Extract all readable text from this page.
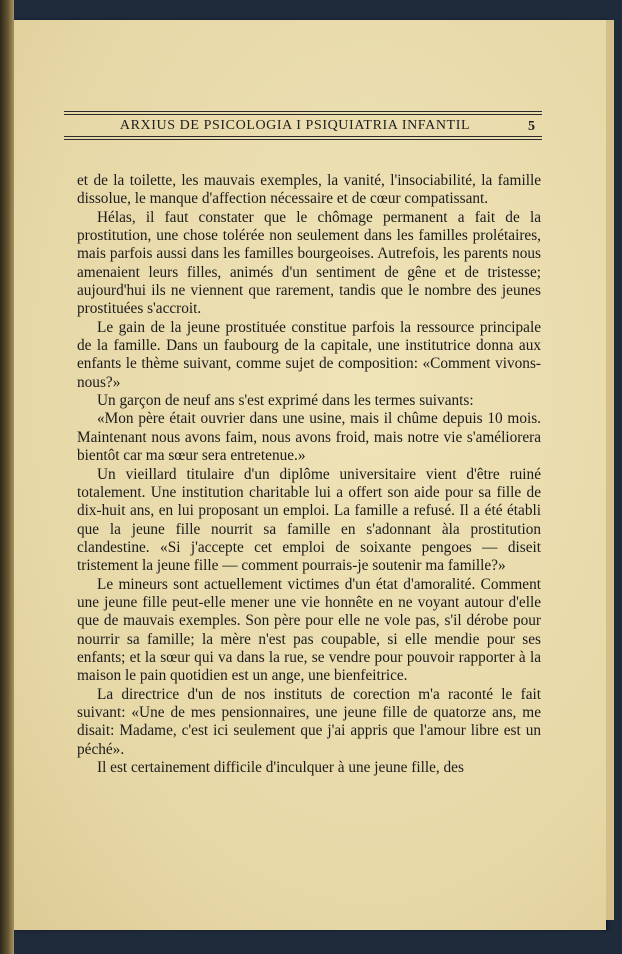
ARXIUS DE PSICOLOGIA I PSIQUIATRIA INFANTIL	5

et de la toilette, les mauvais exemples, la vanité, l'insociabilité, la famille dissolue, le manque d'affection nécessaire et de cœur compatissant.

Hélas, il faut constater que le chômage permanent a fait de la prostitution, une chose tolérée non seulement dans les familles prolétaires, mais parfois aussi dans les familles bourgeoises. Autrefois, les parents nous amenaient leurs filles, animés d'un sentiment de gêne et de tristesse; aujourd'hui ils ne viennent que rarement, tandis que le nombre des jeunes prostituées s'accroit.

Le gain de la jeune prostituée constitue parfois la ressource principale de la famille. Dans un faubourg de la capitale, une institutrice donna aux enfants le thème suivant, comme sujet de composition: «Comment vivons-nous?»

Un garçon de neuf ans s'est exprimé dans les termes suivants:

«Mon père était ouvrier dans une usine, mais il chûme depuis 10 mois. Maintenant nous avons faim, nous avons froid, mais notre vie s'améliorera bientôt car ma sœur sera entretenue.»

Un vieillard titulaire d'un diplôme universitaire vient d'être ruiné totalement. Une institution charitable lui a offert son aide pour sa fille de dix-huit ans, en lui proposant un emploi. La famille a refusé. Il a été établi que la jeune fille nourrit sa famille en s'adonnant àla prostitution clandestine. «Si j'accepte cet emploi de soixante pengoes — diseit tristement la jeune fille — comment pourrais-je soutenir ma famille?»

Le mineurs sont actuellement victimes d'un état d'amoralité. Comment une jeune fille peut-elle mener une vie honnête en ne voyant autour d'elle que de mauvais exemples. Son père pour elle ne vole pas, s'il dérobe pour nourrir sa famille; la mère n'est pas coupable, si elle mendie pour ses enfants; et la sœur qui va dans la rue, se vendre pour pouvoir rapporter à la maison le pain quotidien est un ange, une bienfeitrice.

La directrice d'un de nos instituts de corection m'a raconté le fait suivant: «Une de mes pensionnaires, une jeune fille de quatorze ans, me disait: Madame, c'est ici seulement que j'ai appris que l'amour libre est un péché».

Il est certainement difficile d'inculquer à une jeune fille, des
